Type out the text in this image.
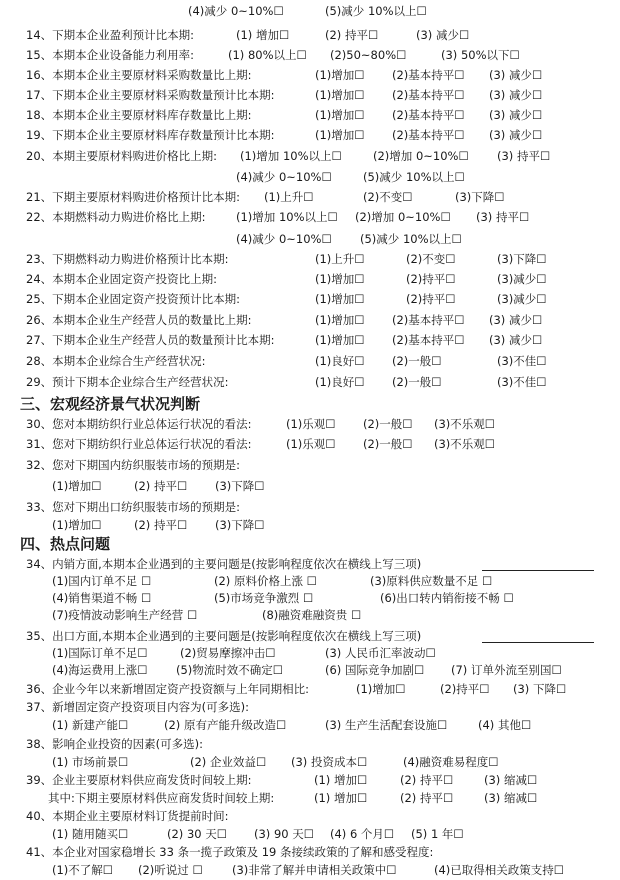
三、宏观经济景气状况判断
四、热点问题
(4)减少 0~10%☐	(5)减少 10%以上☐
14、下期本企业盈利预计比本期:	(1) 增加☐	(2) 持平☐	(3) 减少☐
15、本期本企业设备能力利用率:	(1) 80%以上☐ (2)50~80%☐	(3) 50%以下☐
16、本期本企业主要原材料采购数量比上期:	(1)增加☐ (2)基本持平☐ (3) 减少☐
17、下期本企业主要原材料采购数量预计比本期:	(1)增加☐ (2)基本持平☐ (3) 减少☐
18、本期本企业主要原材料库存数量比上期:	(1)增加☐ (2)基本持平☐ (3) 减少☐
19、下期本企业主要原材料库存数量预计比本期:	(1)增加☐ (2)基本持平☐ (3) 减少☐
20、本期主要原材料购进价格比上期: (1)增加 10%以上☐	(2)增加 0~10%☐ (3) 持平☐
(4)减少 0~10%☐	(5)减少 10%以上☐
21、下期主要原材料购进价格预计比本期: (1)上升☐	(2)不变☐	(3)下降☐
22、本期燃料动力购进价格比上期:	(1)增加 10%以上☐ (2)增加 0~10%☐ (3) 持平☐
(4)减少 0~10%☐ (5)减少 10%以上☐
23、下期燃料动力购进价格预计比本期:	(1)上升☐	(2)不变☐	(3)下降☐
24、本期本企业固定资产投资比上期:	(1)增加☐	(2)持平☐	(3)减少☐
25、下期本企业固定资产投资预计比本期:	(1)增加☐	(2)持平☐	(3)减少☐
26、本期本企业生产经营人员的数量比上期:	(1)增加☐ (2)基本持平☐ (3) 减少☐
27、下期本企业生产经营人员的数量预计比本期:	(1)增加☐ (2)基本持平☐ (3) 减少☐
28、本期本企业综合生产经营状况:	(1)良好☐ (2)一般☐	(3)不佳☐
29、预计下期本企业综合生产经营状况:	(1)良好☐ (2)一般☐	(3)不佳☐
30、您对本期纺织行业总体运行状况的看法:	(1)乐观☐ (2)一般☐ (3)不乐观☐
31、您对下期纺织行业总体运行状况的看法:	(1)乐观☐ (2)一般☐ (3)不乐观☐
32、您对下期国内纺织服装市场的预期是:
(1)增加☐	(2) 持平☐ (3)下降☐
33、您对下期出口纺织服装市场的预期是:
(1)增加☐	(2) 持平☐ (3)下降☐
34、内销方面,本期本企业遇到的主要问题是(按影响程度依次在横线上写三项)
(1)国内订单不足 ☐	(2) 原料价格上涨 ☐	(3)原料供应数量不足 ☐
(4)销售渠道不畅 ☐	(5)市场竞争激烈 ☐	(6)出口转内销衔接不畅 ☐
(7)疫情波动影响生产经营 ☐	(8)融资难融资贵 ☐
35、出口方面,本期本企业遇到的主要问题是(按影响程度依次在横线上写三项)
(1)国际订单不足☐	(2)贸易摩擦冲击☐	(3) 人民币汇率波动☐
(4)海运费用上涨☐ (5)物流时效不确定☐	(6) 国际竞争加剧☐ (7) 订单外流至别国☐
36、企业今年以来新增固定资产投资额与上年同期相比:	(1)增加☐	(2)持平☐ (3) 下降☐
37、新增固定资产投资项目内容为(可多选):
(1) 新建产能☐	(2) 原有产能升级改造☐	(3) 生产生活配套设施☐	(4) 其他☐
38、影响企业投资的因素(可多选):
(1) 市场前景☐	(2) 企业效益☐ (3) 投资成本☐	(4)融资难易程度☐
39、企业主要原材料供应商发货时间较上期:	(1) 增加☐	(2) 持平☐	(3) 缩减☐
其中:下期主要原材料供应商发货时间较上期:	(1) 增加☐	(2) 持平☐	(3) 缩减☐
40、本期企业主要原材料订货提前时间:
(1) 随用随买☐	(2) 30 天☐ (3) 90 天☐ (4) 6 个月☐ (5) 1 年☐
41、本企业对国家稳增长 33 条一揽子政策及 19 条接续政策的了解和感受程度:
(1)不了解☐ (2)听说过 ☐	(3)非常了解并申请相关政策中☐	(4)已取得相关政策支持☐
